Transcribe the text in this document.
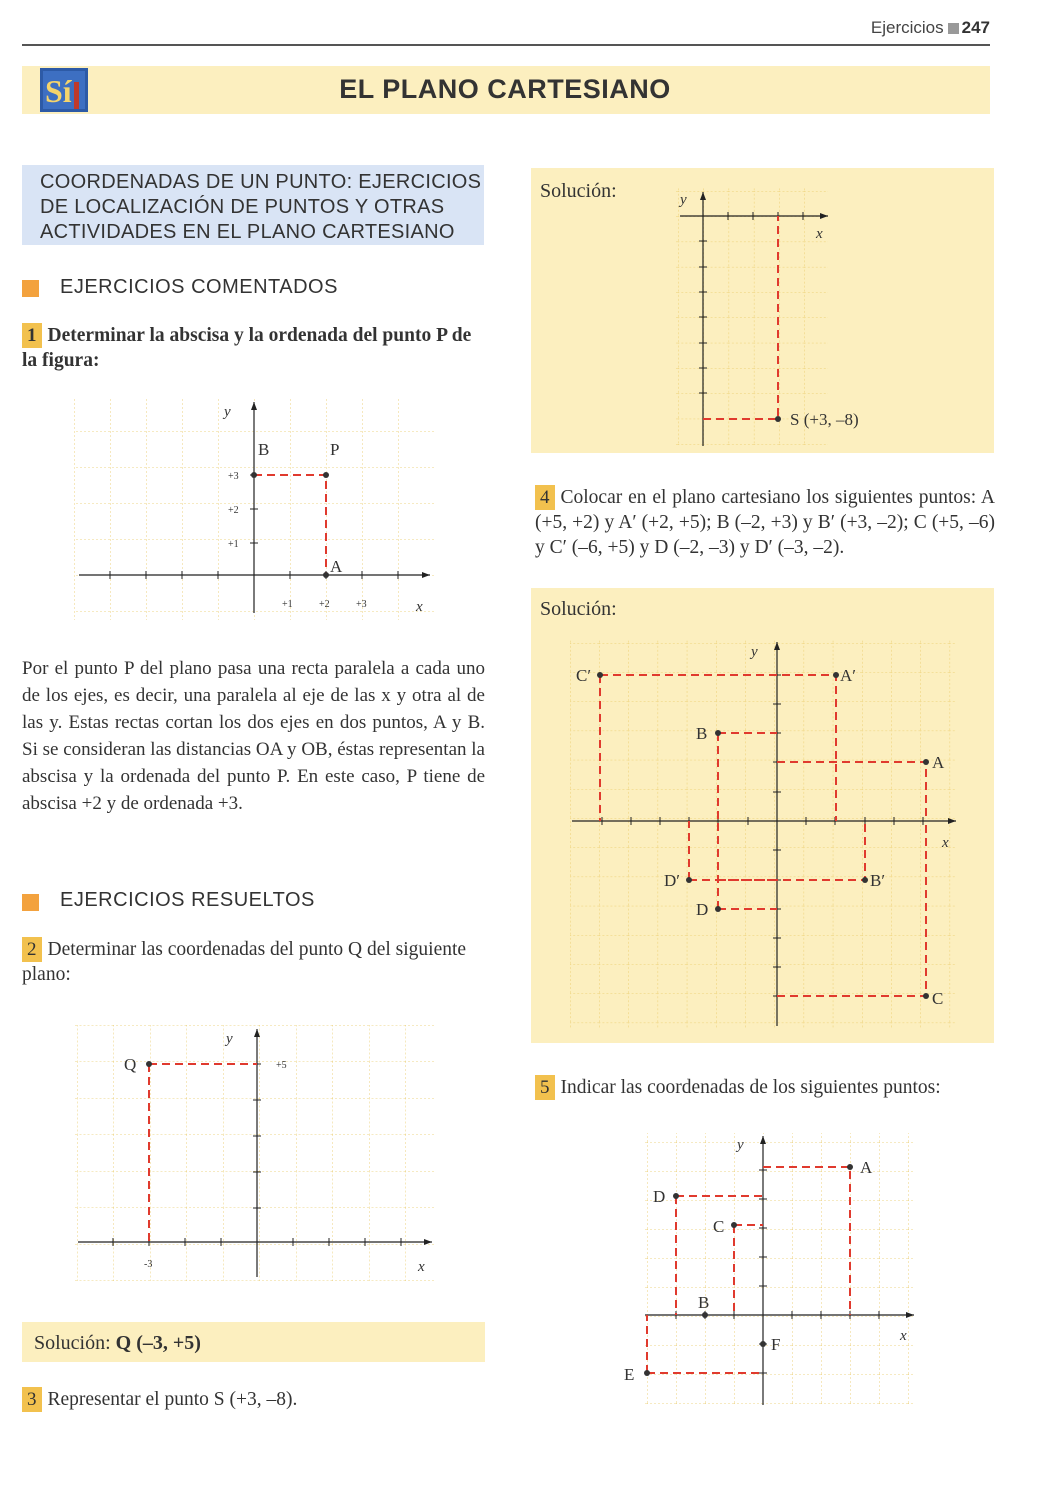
Ejercicios 247
Sí	EL PLANO CARTESIANO
COORDENADAS DE UN PUNTO: EJERCICIOS DE LOCALIZACIÓN DE PUNTOS Y OTRAS ACTIVIDADES EN EL PLANO CARTESIANO
EJERCICIOS COMENTADOS
1 Determinar la abscisa y la ordenada del punto P de la figura:
y
x
+1	+2	+3
+1
+2
+3
B	P
A
Por el punto P del plano pasa una recta paralela a cada uno de los ejes, es decir, una paralela al eje de las x y otra al de las y. Estas rectas cortan los dos ejes en dos puntos, A y B. Si se consideran las distancias OA y OB, éstas representan la abscisa y la ordenada del punto P. En este caso, P tiene de abscisa +2 y de ordenada +3.
EJERCICIOS RESUELTOS
2 Determinar las coordenadas del punto Q del siguiente plano:
y
x
-3
+5
Q
Solución: Q (–3, +5)
3 Representar el punto S (+3, –8).
Solución:	y
x
S (+3, –8)
4 Colocar en el plano cartesiano los siguientes puntos: A (+5, +2) y A′ (+2, +5); B (–2, +3) y B′ (+3, –2); C (+5, –6) y C′ (–6, +5) y D (–2, –3) y D′ (–3, –2).
Solución:
y
x
C′	A′
B
A
D′	B′
D
C
5 Indicar las coordenadas de los siguientes puntos:
y
x
A
D
C
B
F
E
